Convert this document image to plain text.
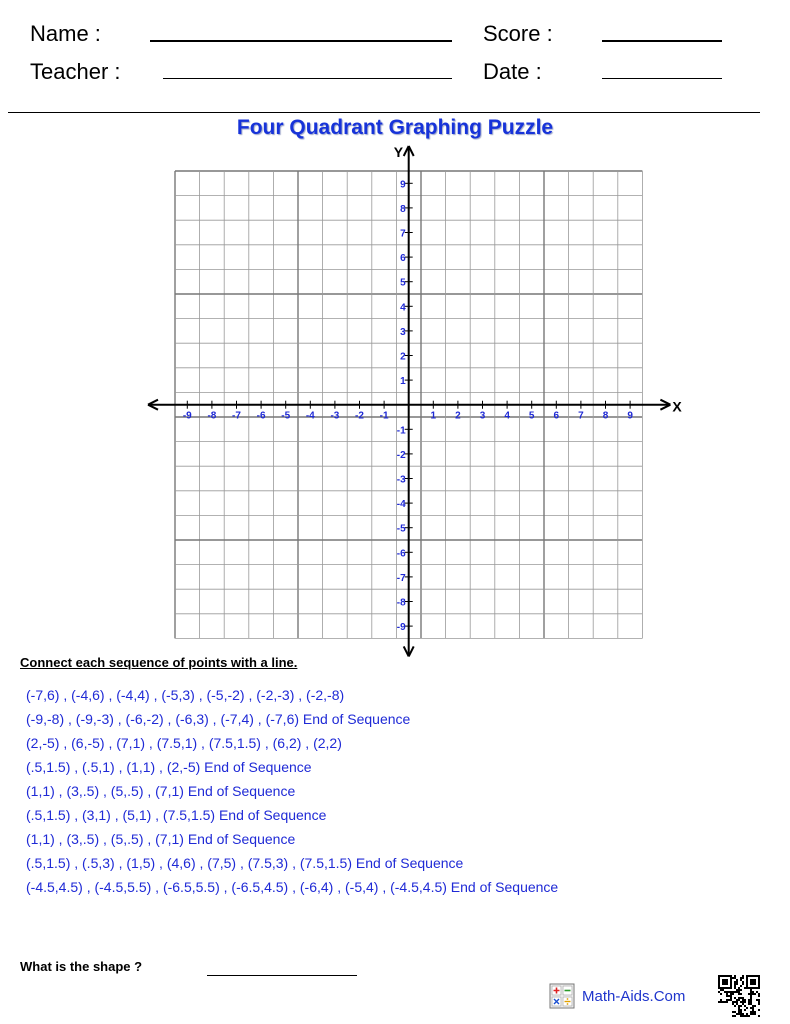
Name :
Teacher :
Score :
Date :
Four Quadrant Graphing Puzzle
X
Y
-9 -8 -7 -6 -5 -4 -3 -2 -1	1 2 3 4 5 6 7 8 9
9
8
7
6
5
4
3
2
1
-1
-2
-3
-4
-5
-6
-7
-8
-9
Connect each sequence of points with a line.
(-7,6) , (-4,6) , (-4,4) , (-5,3) , (-5,-2) , (-2,-3) , (-2,-8)
(-9,-8) , (-9,-3) , (-6,-2) , (-6,3) , (-7,4) , (-7,6) End of Sequence
(2,-5) , (6,-5) , (7,1) , (7.5,1) , (7.5,1.5) , (6,2) , (2,2)
(.5,1.5) , (.5,1) , (1,1) , (2,-5) End of Sequence
(1,1) , (3,.5) , (5,.5) , (7,1) End of Sequence
(.5,1.5) , (3,1) , (5,1) , (7.5,1.5) End of Sequence
(1,1) , (3,.5) , (5,.5) , (7,1) End of Sequence
(.5,1.5) , (.5,3) , (1,5) , (4,6) , (7,5) , (7.5,3) , (7.5,1.5) End of Sequence
(-4.5,4.5) , (-4.5,5.5) , (-6.5,5.5) , (-6.5,4.5) , (-6,4) , (-5,4) , (-4.5,4.5) End of Sequence
What is the shape ?
Math-Aids.Com
